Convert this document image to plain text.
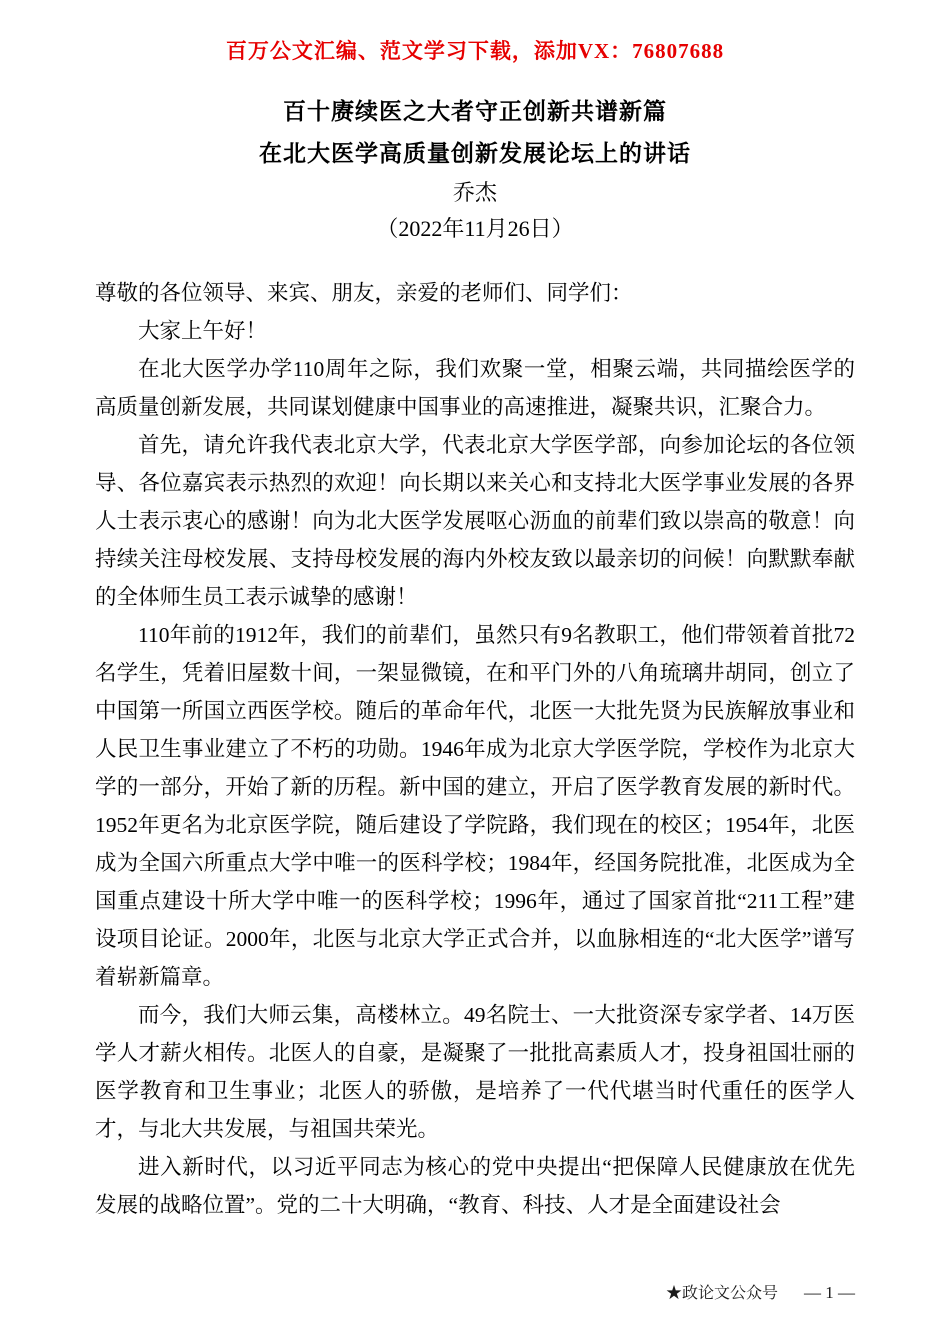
百万公文汇编、范文学习下载，添加VX：76807688
百十赓续医之大者守正创新共谱新篇
在北大医学高质量创新发展论坛上的讲话
乔杰
（2022年11月26日）

尊敬的各位领导、来宾、朋友，亲爱的老师们、同学们：

大家上午好！

在北大医学办学110周年之际，我们欢聚一堂，相聚云端，共同描绘医学的高质量创新发展，共同谋划健康中国事业的高速推进，凝聚共识，汇聚合力。

首先，请允许我代表北京大学，代表北京大学医学部，向参加论坛的各位领导、各位嘉宾表示热烈的欢迎！向长期以来关心和支持北大医学事业发展的各界人士表示衷心的感谢！向为北大医学发展呕心沥血的前辈们致以崇高的敬意！向持续关注母校发展、支持母校发展的海内外校友致以最亲切的问候！向默默奉献的全体师生员工表示诚挚的感谢！

110年前的1912年，我们的前辈们，虽然只有9名教职工，他们带领着首批72名学生，凭着旧屋数十间，一架显微镜，在和平门外的八角琉璃井胡同，创立了中国第一所国立西医学校。随后的革命年代，北医一大批先贤为民族解放事业和人民卫生事业建立了不朽的功勋。1946年成为北京大学医学院，学校作为北京大学的一部分，开始了新的历程。新中国的建立，开启了医学教育发展的新时代。1952年更名为北京医学院，随后建设了学院路，我们现在的校区；1954年，北医成为全国六所重点大学中唯一的医科学校；1984年，经国务院批准，北医成为全国重点建设十所大学中唯一的医科学校；1996年，通过了国家首批“211工程”建设项目论证。2000年，北医与北京大学正式合并，以血脉相连的“北大医学”谱写着崭新篇章。

而今，我们大师云集，高楼林立。49名院士、一大批资深专家学者、14万医学人才薪火相传。北医人的自豪，是凝聚了一批批高素质人才，投身祖国壮丽的医学教育和卫生事业；北医人的骄傲，是培养了一代代堪当时代重任的医学人才，与北大共发展，与祖国共荣光。

进入新时代，以习近平同志为核心的党中央提出“把保障人民健康放在优先发展的战略位置”。党的二十大明确，“教育、科技、人才是全面建设社会

★政论文公众号 — 1 —
